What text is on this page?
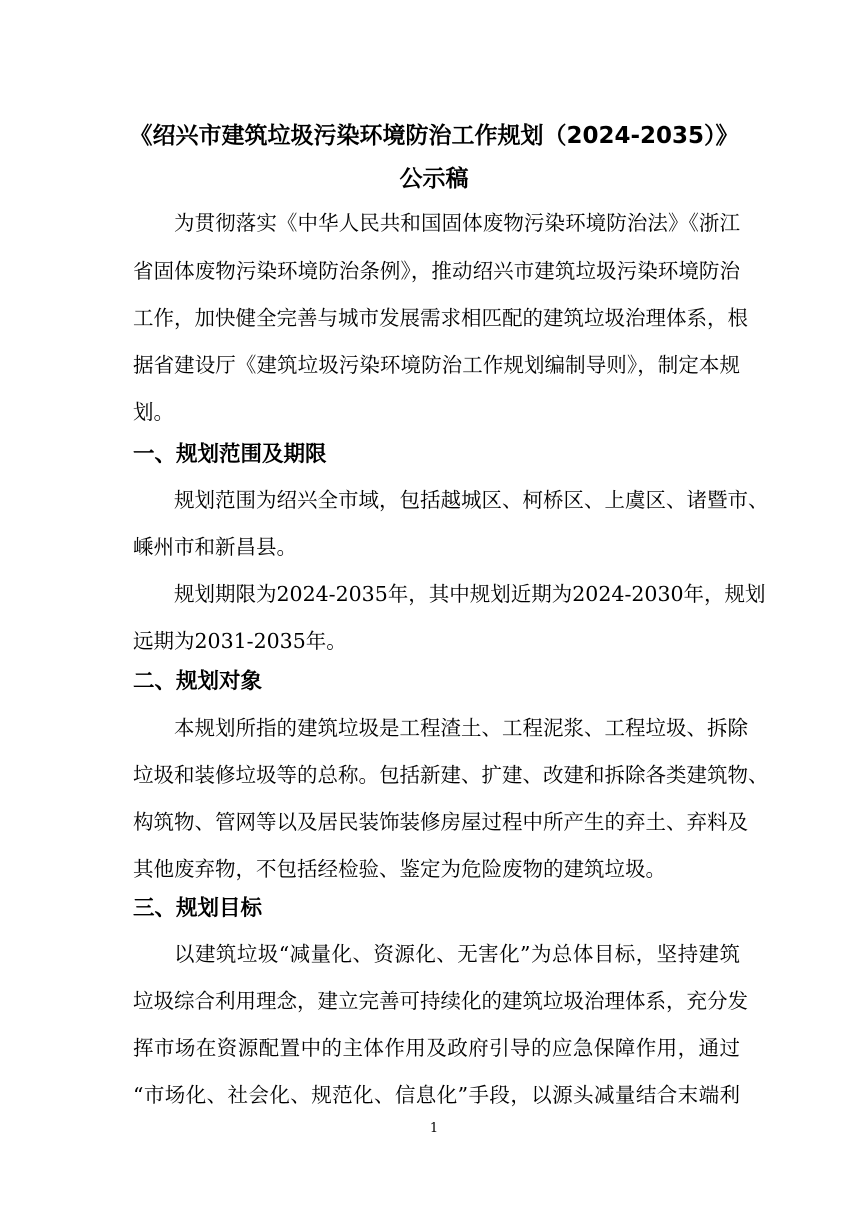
《绍兴市建筑垃圾污染环境防治工作规划（2024-2035）》
公示稿
为贯彻落实《中华人民共和国固体废物污染环境防治法》《浙江
省固体废物污染环境防治条例》，推动绍兴市建筑垃圾污染环境防治
工作，加快健全完善与城市发展需求相匹配的建筑垃圾治理体系，根
据省建设厅《建筑垃圾污染环境防治工作规划编制导则》，制定本规
划。
一、规划范围及期限
规划范围为绍兴全市域，包括越城区、柯桥区、上虞区、诸暨市、
嵊州市和新昌县。
规划期限为2024-2035年，其中规划近期为2024-2030年，规划
远期为2031-2035年。
二、规划对象
本规划所指的建筑垃圾是工程渣土、工程泥浆、工程垃圾、拆除
垃圾和装修垃圾等的总称。包括新建、扩建、改建和拆除各类建筑物、
构筑物、管网等以及居民装饰装修房屋过程中所产生的弃土、弃料及
其他废弃物，不包括经检验、鉴定为危险废物的建筑垃圾。
三、规划目标
以建筑垃圾“减量化、资源化、无害化”为总体目标，坚持建筑
垃圾综合利用理念，建立完善可持续化的建筑垃圾治理体系，充分发
挥市场在资源配置中的主体作用及政府引导的应急保障作用，通过
“市场化、社会化、规范化、信息化”手段，以源头减量结合末端利
1
